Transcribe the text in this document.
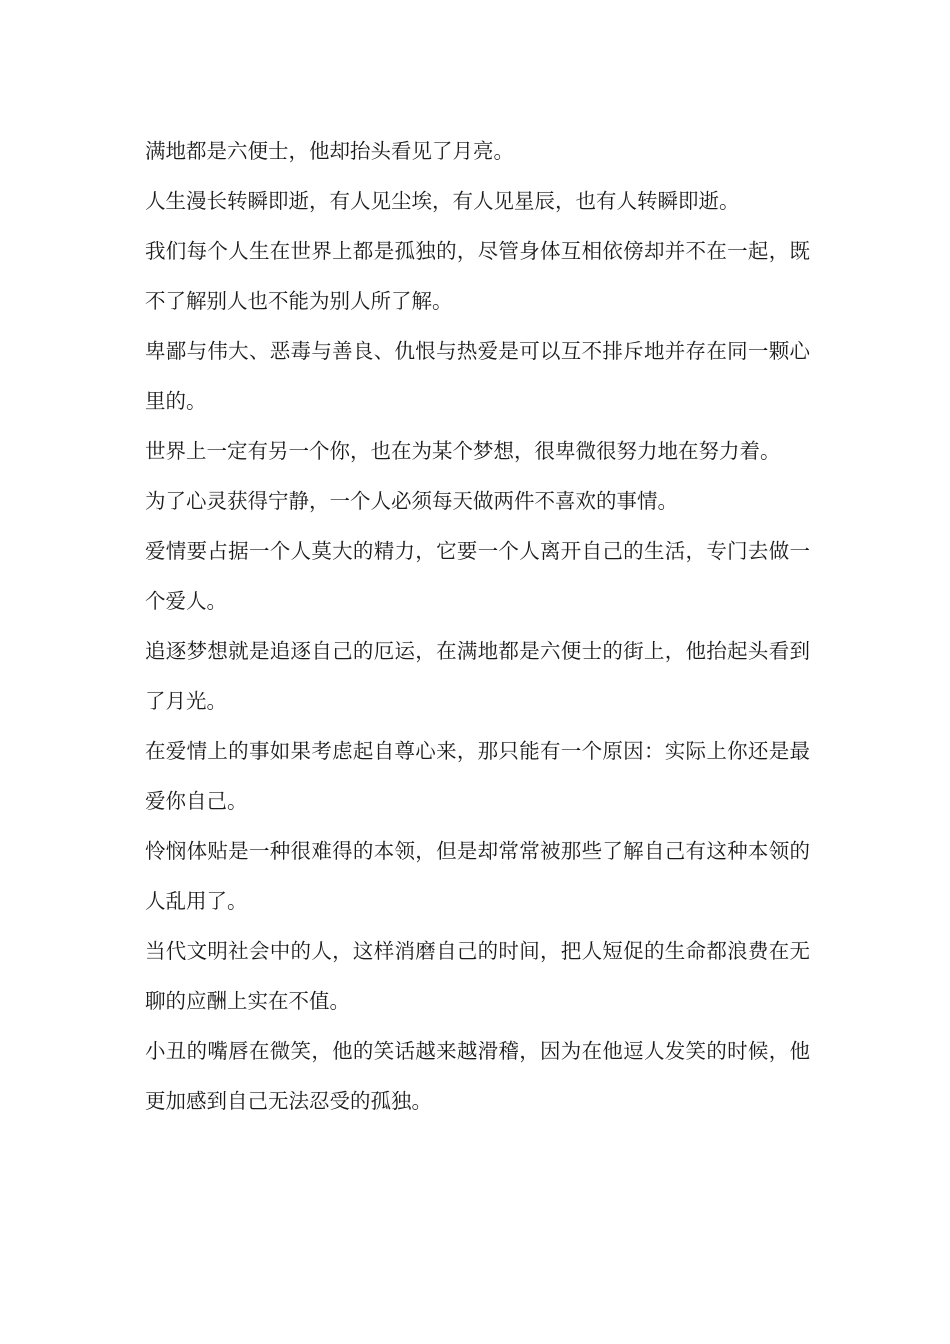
满地都是六便士，他却抬头看见了月亮。

人生漫长转瞬即逝，有人见尘埃，有人见星辰，也有人转瞬即逝。

我们每个人生在世界上都是孤独的，尽管身体互相依傍却并不在一起，既不了解别人也不能为别人所了解。

卑鄙与伟大、恶毒与善良、仇恨与热爱是可以互不排斥地并存在同一颗心里的。

世界上一定有另一个你，也在为某个梦想，很卑微很努力地在努力着。

为了心灵获得宁静，一个人必须每天做两件不喜欢的事情。

爱情要占据一个人莫大的精力，它要一个人离开自己的生活，专门去做一个爱人。

追逐梦想就是追逐自己的厄运，在满地都是六便士的街上，他抬起头看到了月光。

在爱情上的事如果考虑起自尊心来，那只能有一个原因：实际上你还是最爱你自己。

怜悯体贴是一种很难得的本领，但是却常常被那些了解自己有这种本领的人乱用了。

当代文明社会中的人，这样消磨自己的时间，把人短促的生命都浪费在无聊的应酬上实在不值。

小丑的嘴唇在微笑，他的笑话越来越滑稽，因为在他逗人发笑的时候，他更加感到自己无法忍受的孤独。
